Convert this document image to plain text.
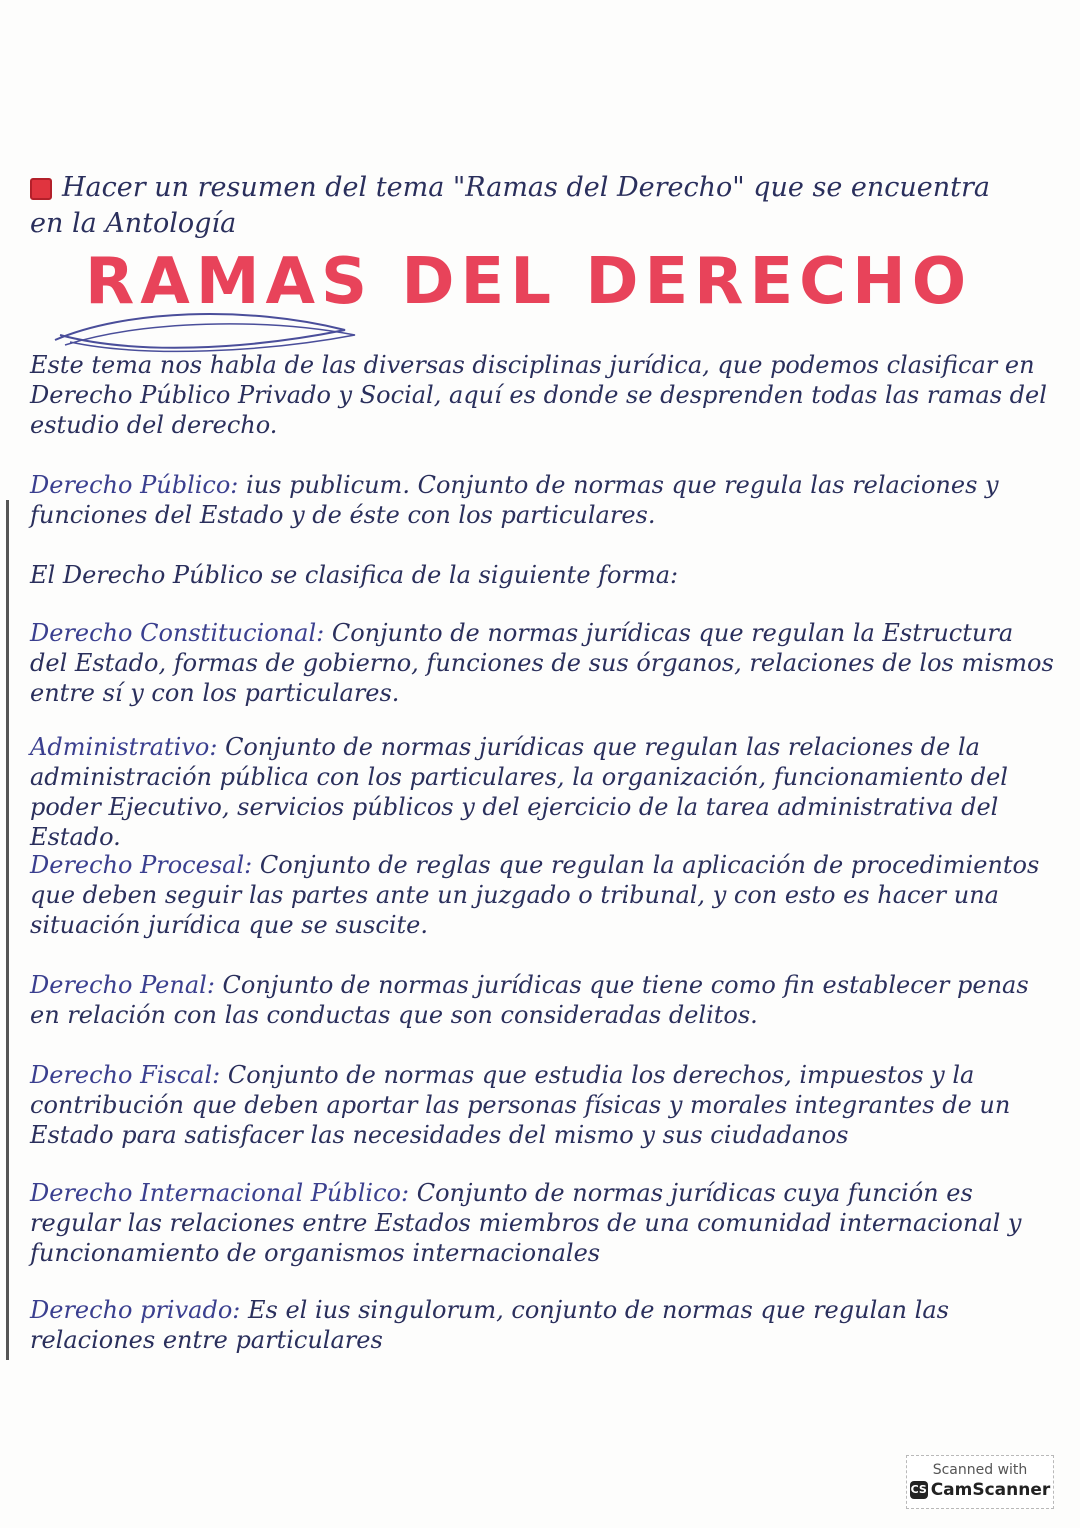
Hacer un resumen del tema "Ramas del Derecho" que se encuentra en la Antología
RAMAS DEL DERECHO
Este tema nos habla de las diversas disciplinas jurídica, que podemos clasificar en Derecho Público Privado y Social, aquí es donde se desprenden todas las ramas del estudio del derecho.
Derecho Público: ius publicum. Conjunto de normas que regula las relaciones y funciones del Estado y de éste con los particulares.
El Derecho Público se clasifica de la siguiente forma:
Derecho Constitucional: Conjunto de normas jurídicas que regulan la Estructura del Estado, formas de gobierno, funciones de sus órganos, relaciones de los mismos entre sí y con los particulares.
Administrativo: Conjunto de normas jurídicas que regulan las relaciones de la administración pública con los particulares, la organización, funcionamiento del poder Ejecutivo, servicios públicos y del ejercicio de la tarea administrativa del Estado.
Derecho Procesal: Conjunto de reglas que regulan la aplicación de procedimientos que deben seguir las partes ante un juzgado o tribunal, y con esto es hacer una situación jurídica que se suscite.
Derecho Penal: Conjunto de normas jurídicas que tiene como fin establecer penas en relación con las conductas que son consideradas delitos.
Derecho Fiscal: Conjunto de normas que estudia los derechos, impuestos y la contribución que deben aportar las personas físicas y morales integrantes de un Estado para satisfacer las necesidades del mismo y sus ciudadanos
Derecho Internacional Público: Conjunto de normas jurídicas cuya función es regular las relaciones entre Estados miembros de una comunidad internacional y funcionamiento de organismos internacionales
Derecho privado: Es el ius singulorum, conjunto de normas que regulan las relaciones entre particulares
Scanned with
CS CamScanner
